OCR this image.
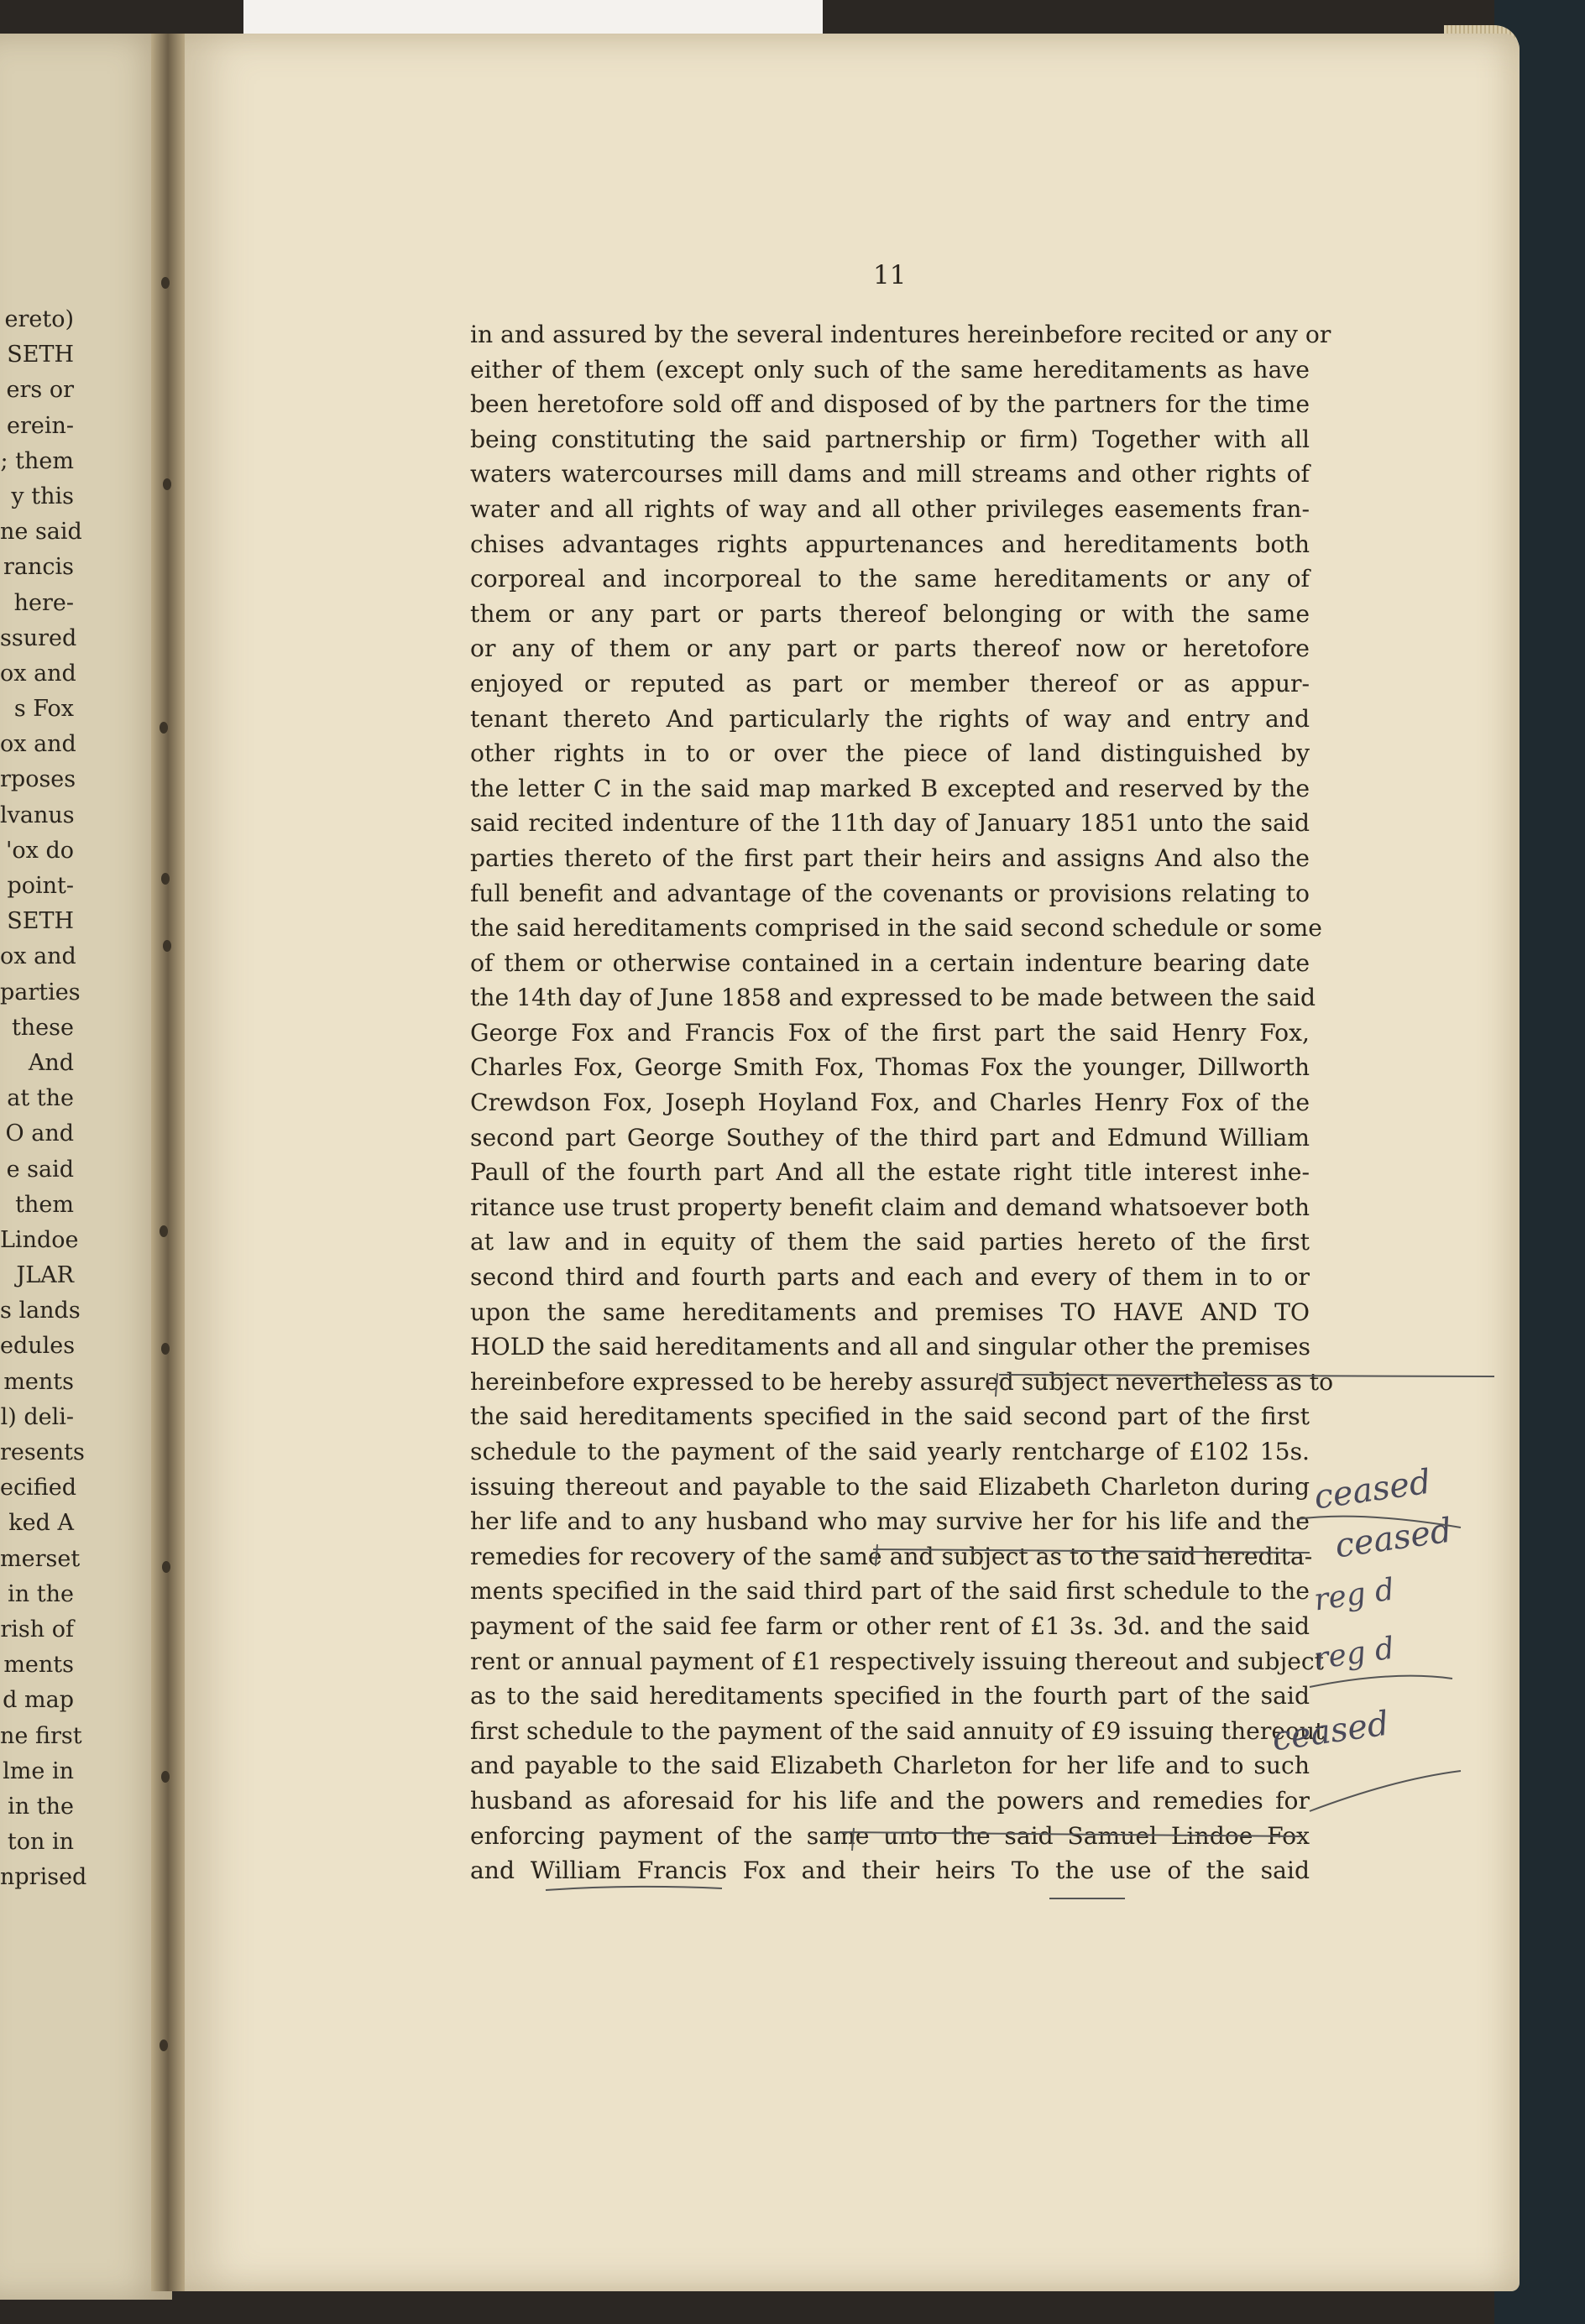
ereto)
SETH
ers or
erein-
; them
y this
ne said
rancis
here-
ssured
ox and
s Fox
ox and
rposes
lvanus
'ox do
point-
SETH
ox and
parties
these
And
at the
O and
e said
them
Lindoe
JLAR
s lands
edules
ments
l) deli-
resents
ecified
ked A
merset
in the
rish of
ments
d map
ne first
lme in
in the
ton in
nprised
11
in and assured by the several indentures hereinbefore recited or any or
either of them (except only such of the same hereditaments as have
been heretofore sold off and disposed of by the partners for the time
being constituting the said partnership or firm) Together with all
waters watercourses mill dams and mill streams and other rights of
water and all rights of way and all other privileges easements fran-
chises advantages rights appurtenances and hereditaments both
corporeal and incorporeal to the same hereditaments or any of
them or any part or parts thereof belonging or with the same
or any of them or any part or parts thereof now or heretofore
enjoyed or reputed as part or member thereof or as appur-
tenant thereto And particularly the rights of way and entry and
other rights in to or over the piece of land distinguished by
the letter C in the said map marked B excepted and reserved by the
said recited indenture of the 11th day of January 1851 unto the said
parties thereto of the first part their heirs and assigns And also the
full benefit and advantage of the covenants or provisions relating to
the said hereditaments comprised in the said second schedule or some
of them or otherwise contained in a certain indenture bearing date
the 14th day of June 1858 and expressed to be made between the said
George Fox and Francis Fox of the first part the said Henry Fox,
Charles Fox, George Smith Fox, Thomas Fox the younger, Dillworth
Crewdson Fox, Joseph Hoyland Fox, and Charles Henry Fox of the
second part George Southey of the third part and Edmund William
Paull of the fourth part And all the estate right title interest inhe-
ritance use trust property benefit claim and demand whatsoever both
at law and in equity of them the said parties hereto of the first
second third and fourth parts and each and every of them in to or
upon the same hereditaments and premises TO HAVE AND TO
HOLD the said hereditaments and all and singular other the premises
hereinbefore expressed to be hereby assured subject nevertheless as to
the said hereditaments specified in the said second part of the first
schedule to the payment of the said yearly rentcharge of £102 15s.
issuing thereout and payable to the said Elizabeth Charleton during
her life and to any husband who may survive her for his life and the
remedies for recovery of the same and subject as to the said heredita-
ments specified in the said third part of the said first schedule to the
payment of the said fee farm or other rent of £1 3s. 3d. and the said
rent or annual payment of £1 respectively issuing thereout and subject
as to the said hereditaments specified in the fourth part of the said
first schedule to the payment of the said annuity of £9 issuing thereout
and payable to the said Elizabeth Charleton for her life and to such
husband as aforesaid for his life and the powers and remedies for
enforcing payment of the same unto the said Samuel Lindoe Fox
and William Francis Fox and their heirs To the use of the said
ceased
ceased
reg d
reg d
ceased
